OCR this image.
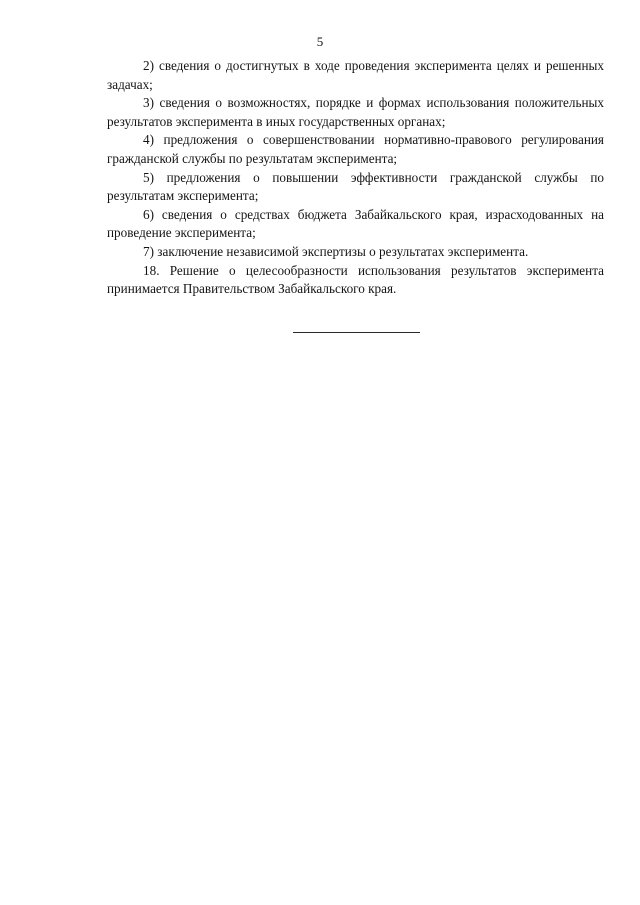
5

2) сведения о достигнутых в ходе проведения эксперимента целях и решенных задачах;

3) сведения о возможностях, порядке и формах использования положительных результатов эксперимента в иных государственных органах;

4) предложения о совершенствовании нормативно-правового регулирования гражданской службы по результатам эксперимента;

5) предложения о повышении эффективности гражданской службы по результатам эксперимента;

6) сведения о средствах бюджета Забайкальского края, израсходованных на проведение эксперимента;

7) заключение независимой экспертизы о результатах эксперимента.

18. Решение о целесообразности использования результатов эксперимента принимается Правительством Забайкальского края.
